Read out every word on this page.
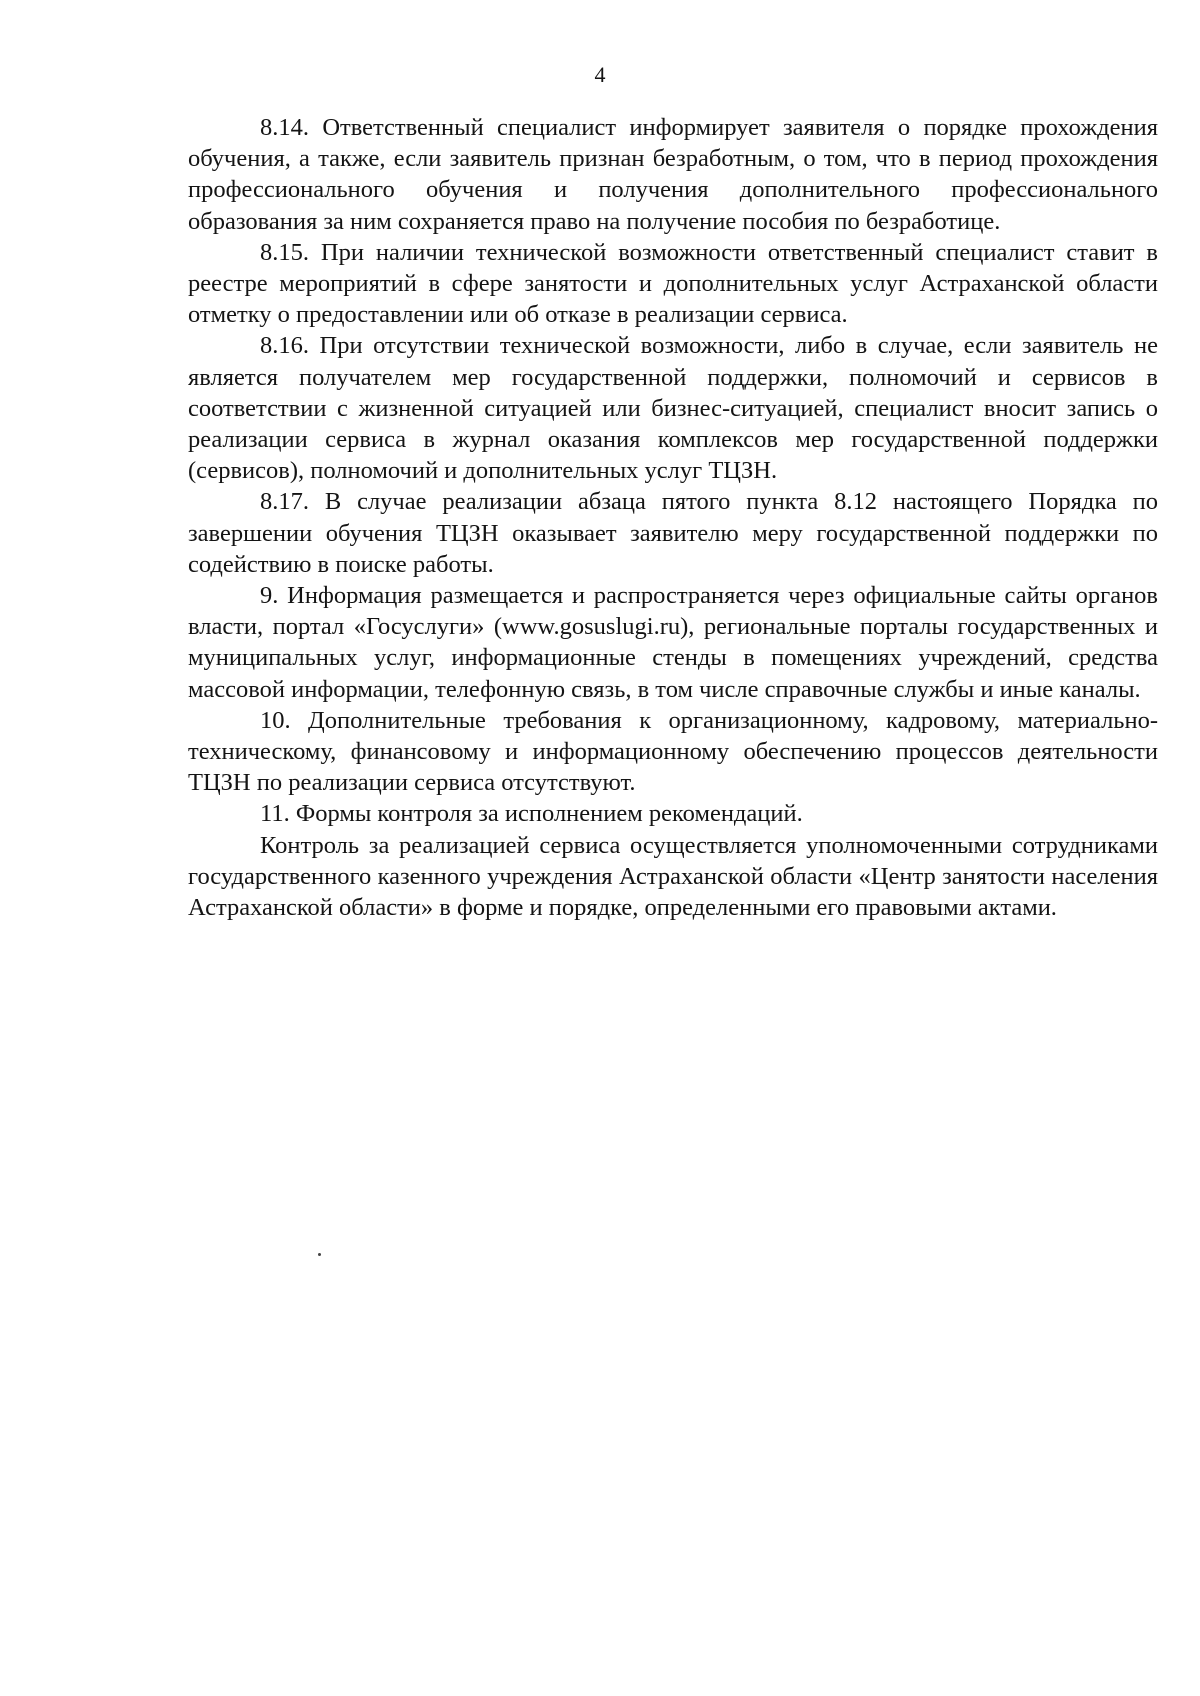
4

8.14. Ответственный специалист информирует заявителя о порядке прохождения обучения, а также, если заявитель признан безработным, о том, что в период прохождения профессионального обучения и получения дополнительного профессионального образования за ним сохраняется право на получение пособия по безработице.

8.15. При наличии технической возможности ответственный специалист ставит в реестре мероприятий в сфере занятости и дополнительных услуг Астраханской области отметку о предоставлении или об отказе в реализации сервиса.

8.16. При отсутствии технической возможности, либо в случае, если заявитель не является получателем мер государственной поддержки, полномочий и сервисов в соответствии с жизненной ситуацией или бизнес-ситуацией, специалист вносит запись о реализации сервиса в журнал оказания комплексов мер государственной поддержки (сервисов), полномочий и дополнительных услуг ТЦЗН.

8.17. В случае реализации абзаца пятого пункта 8.12 настоящего Порядка по завершении обучения ТЦЗН оказывает заявителю меру государственной поддержки по содействию в поиске работы.

9. Информация размещается и распространяется через официальные сайты органов власти, портал «Госуслуги» (www.gosuslugi.ru), региональные порталы государственных и муниципальных услуг, информационные стенды в помещениях учреждений, средства массовой информации, телефонную связь, в том числе справочные службы и иные каналы.

10. Дополнительные требования к организационному, кадровому, материально-техническому, финансовому и информационному обеспечению процессов деятельности ТЦЗН по реализации сервиса отсутствуют.

11. Формы контроля за исполнением рекомендаций.

Контроль за реализацией сервиса осуществляется уполномоченными сотрудниками государственного казенного учреждения Астраханской области «Центр занятости населения Астраханской области» в форме и порядке, определенными его правовыми актами.
